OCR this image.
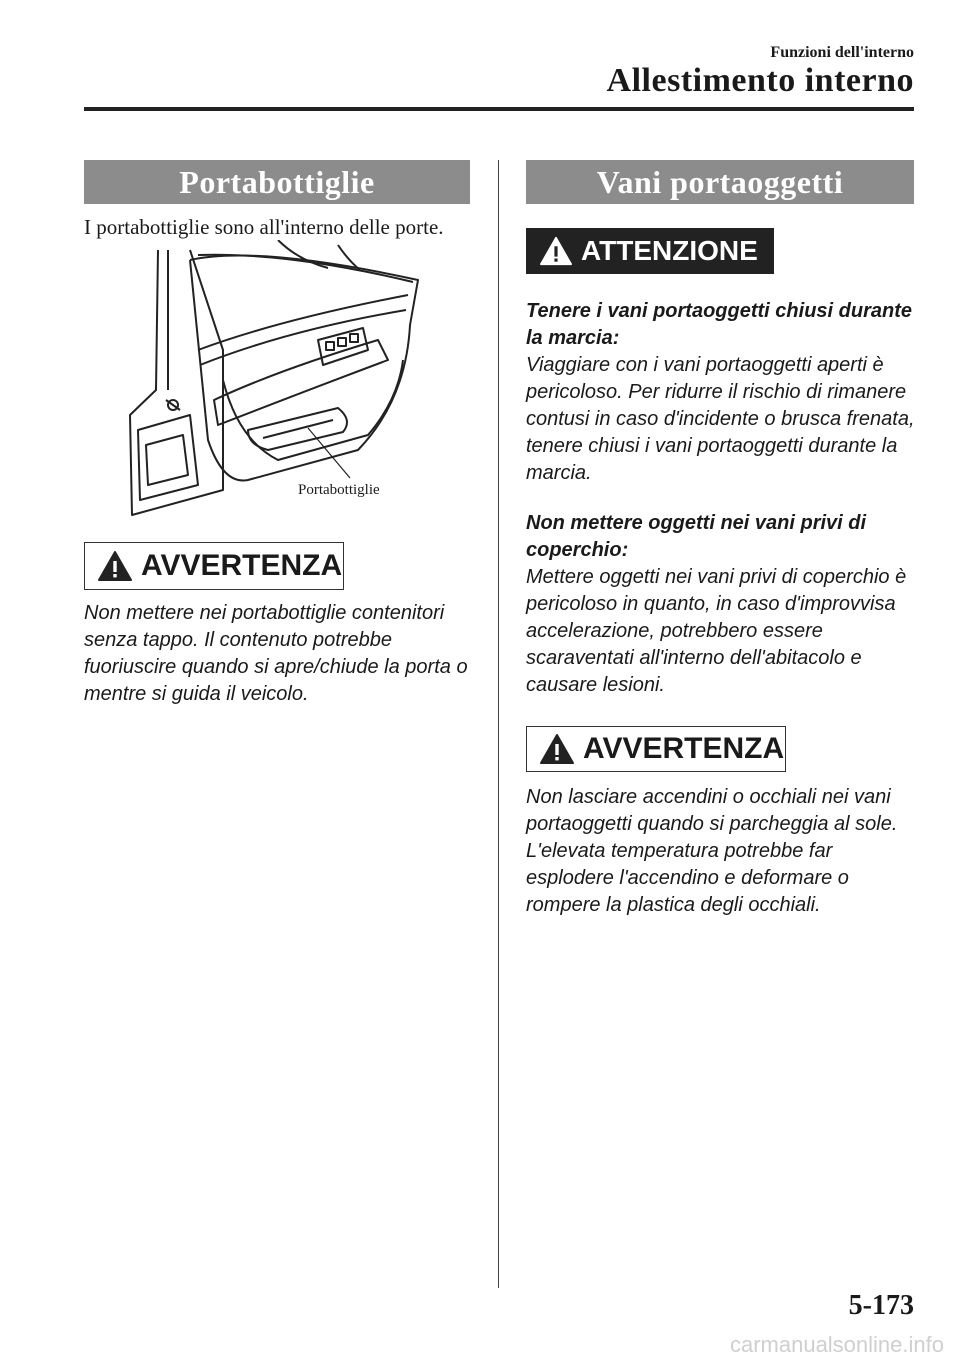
Funzioni dell'interno
Allestimento interno
Portabottiglie
I portabottiglie sono all'interno delle porte.
Portabottiglie
AVVERTENZA
Non mettere nei portabottiglie contenitori senza tappo. Il contenuto potrebbe fuoriuscire quando si apre/chiude la porta o mentre si guida il veicolo.
Vani portaoggetti
ATTENZIONE
Tenere i vani portaoggetti chiusi durante la marcia:
Viaggiare con i vani portaoggetti aperti è pericoloso. Per ridurre il rischio di rimanere contusi in caso d'incidente o brusca frenata, tenere chiusi i vani portaoggetti durante la marcia.
Non mettere oggetti nei vani privi di coperchio:
Mettere oggetti nei vani privi di coperchio è pericoloso in quanto, in caso d'improvvisa accelerazione, potrebbero essere scaraventati all'interno dell'abitacolo e causare lesioni.
AVVERTENZA
Non lasciare accendini o occhiali nei vani portaoggetti quando si parcheggia al sole. L'elevata temperatura potrebbe far esplodere l'accendino e deformare o rompere la plastica degli occhiali.
5-173
carmanualsonline.info
